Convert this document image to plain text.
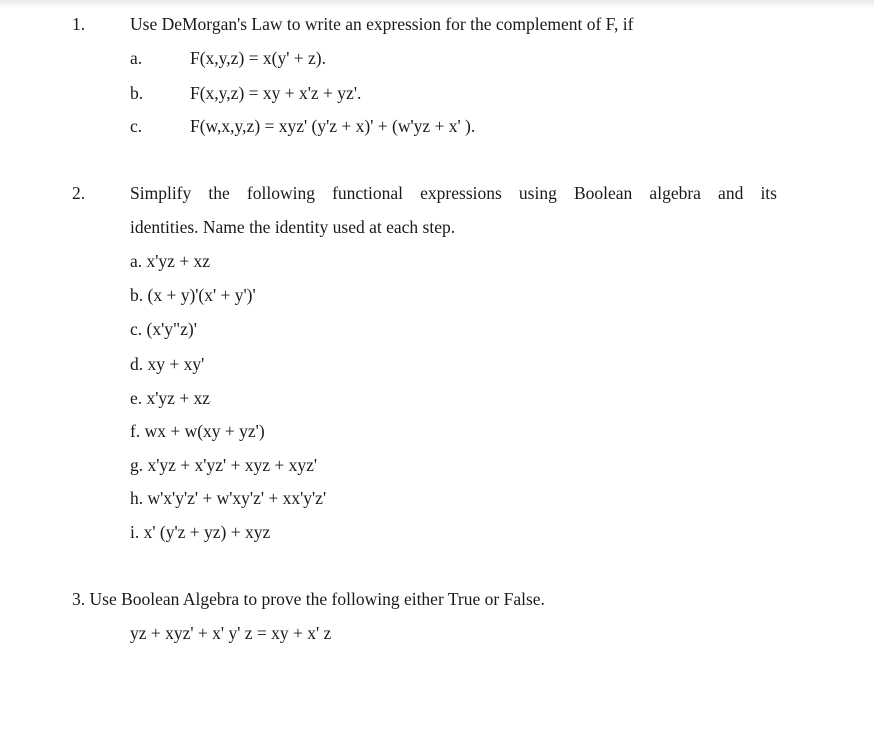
1.	Use DeMorgan's Law to write an expression for the complement of F, if
a.	F(x,y,z) = x(y' + z).
b.	F(x,y,z) = xy + x'z + yz'.
c.	F(w,x,y,z) = xyz' (y'z + x)' + (w'yz + x' ).
2.	Simplify the following functional expressions using Boolean algebra and its
identities. Name the identity used at each step.
a. x'yz + xz
b. (x + y)'(x' + y')'
c. (x'y"z)'
d. xy + xy'
e. x'yz + xz
f. wx + w(xy + yz')
g. x'yz + x'yz' + xyz + xyz'
h. w'x'y'z' + w'xy'z' + xx'y'z'
i. x' (y'z + yz) + xyz
3. Use Boolean Algebra to prove the following either True or False.
yz + xyz' + x' y' z = xy + x' z
